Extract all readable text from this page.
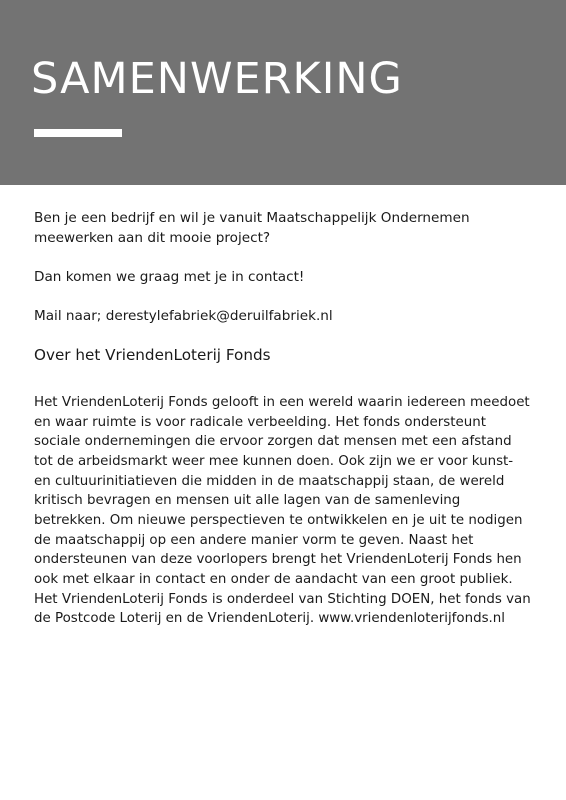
SAMENWERKING

Ben je een bedrijf en wil je vanuit Maatschappelijk Ondernemen meewerken aan dit mooie project?

Dan komen we graag met je in contact!

Mail naar; derestylefabriek@deruilfabriek.nl

Over het VriendenLoterij Fonds

Het VriendenLoterij Fonds gelooft in een wereld waarin iedereen meedoet en waar ruimte is voor radicale verbeelding. Het fonds ondersteunt sociale ondernemingen die ervoor zorgen dat mensen met een afstand tot de arbeidsmarkt weer mee kunnen doen. Ook zijn we er voor kunst- en cultuurinitiatieven die midden in de maatschappij staan, de wereld kritisch bevragen en mensen uit alle lagen van de samenleving betrekken. Om nieuwe perspectieven te ontwikkelen en je uit te nodigen de maatschappij op een andere manier vorm te geven. Naast het ondersteunen van deze voorlopers brengt het VriendenLoterij Fonds hen ook met elkaar in contact en onder de aandacht van een groot publiek. Het VriendenLoterij Fonds is onderdeel van Stichting DOEN, het fonds van de Postcode Loterij en de VriendenLoterij. www.vriendenloterijfonds.nl
